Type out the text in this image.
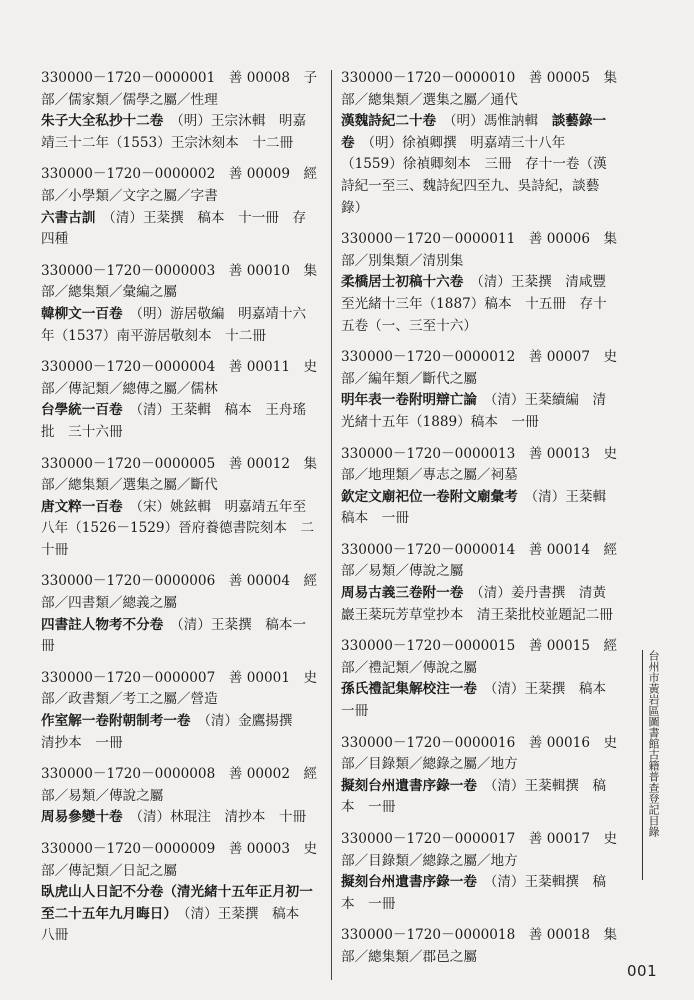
330000－1720－0000001　善 00008　子部／儒家類／儒學之屬／性理

朱子大全私抄十二卷　 （明）王宗沐輯　明嘉靖三十二年（1553）王宗沐刻本　十二冊　

330000－1720－0000002　善 00009　經部／小學類／文字之屬／字書

六書古訓　 （清）王棻撰　稿本　十一冊　存四種　

330000－1720－0000003　善 00010　集部／總集類／彙編之屬

韓柳文一百卷　 （明）游居敬編　明嘉靖十六年（1537）南平游居敬刻本　十二冊　

330000－1720－0000004　善 00011　史部／傳記類／總傳之屬／儒林

台學統一百卷　 （清）王棻輯　稿本　王舟瑤批　三十六冊　

330000－1720－0000005　善 00012　集部／總集類／選集之屬／斷代

唐文粹一百卷　 （宋）姚鉉輯　明嘉靖五年至八年（1526－1529）晉府養德書院刻本　二十冊　

330000－1720－0000006　善 00004　經部／四書類／總義之屬

四書註人物考不分卷　 （清）王棻撰　稿本一冊　

330000－1720－0000007　善 00001　史部／政書類／考工之屬／營造

作室解一卷附朝制考一卷　 （清）金鷹揚撰　清抄本　一冊　

330000－1720－0000008　善 00002　經部／易類／傳說之屬

周易參變十卷　 （清）林琨注　清抄本　十冊　

330000－1720－0000009　善 00003　史部／傳記類／日記之屬

臥虎山人日記不分卷（清光緒十五年正月初一至二十五年九月晦日）　 （清）王棻撰　稿本　八冊　

330000－1720－0000010　善 00005　集部／總集類／選集之屬／通代

漢魏詩紀二十卷　 （明）馮惟訥輯　 談藝錄一卷　 （明）徐禎卿撰　明嘉靖三十八年（1559）徐禎卿刻本　三冊　存十一卷（漢詩紀一至三、魏詩紀四至九、吳詩紀，談藝錄）　

330000－1720－0000011　善 00006　集部／別集類／清別集

柔橋居士初稿十六卷　 （清）王棻撰　清咸豐至光緒十三年（1887）稿本　十五冊　存十五卷（一、三至十六）　

330000－1720－0000012　善 00007　史部／編年類／斷代之屬

明年表一卷附明辯亡論　 （清）王棻續編　清光緒十五年（1889）稿本　一冊　

330000－1720－0000013　善 00013　史部／地理類／專志之屬／祠墓

欽定文廟祀位一卷附文廟彙考　 （清）王棻輯　稿本　一冊　

330000－1720－0000014　善 00014　經部／易類／傳說之屬

周易古義三卷附一卷　 （清）姜丹書撰　清黃巖王棻玩芳草堂抄本　清王棻批校並題記二冊　

330000－1720－0000015　善 00015　經部／禮記類／傳說之屬

孫氏禮記集解校注一卷　 （清）王棻撰　稿本一冊　

330000－1720－0000016　善 00016　史部／目錄類／總錄之屬／地方

擬刻台州遺書序錄一卷　 （清）王棻輯撰　稿本　一冊　

330000－1720－0000017　善 00017　史部／目錄類／總錄之屬／地方

擬刻台州遺書序錄一卷　 （清）王棻輯撰　稿本　一冊　

330000－1720－0000018　善 00018　集部／總集類／郡邑之屬

台州市黃岩區圖書館古籍普查登記目錄
001
